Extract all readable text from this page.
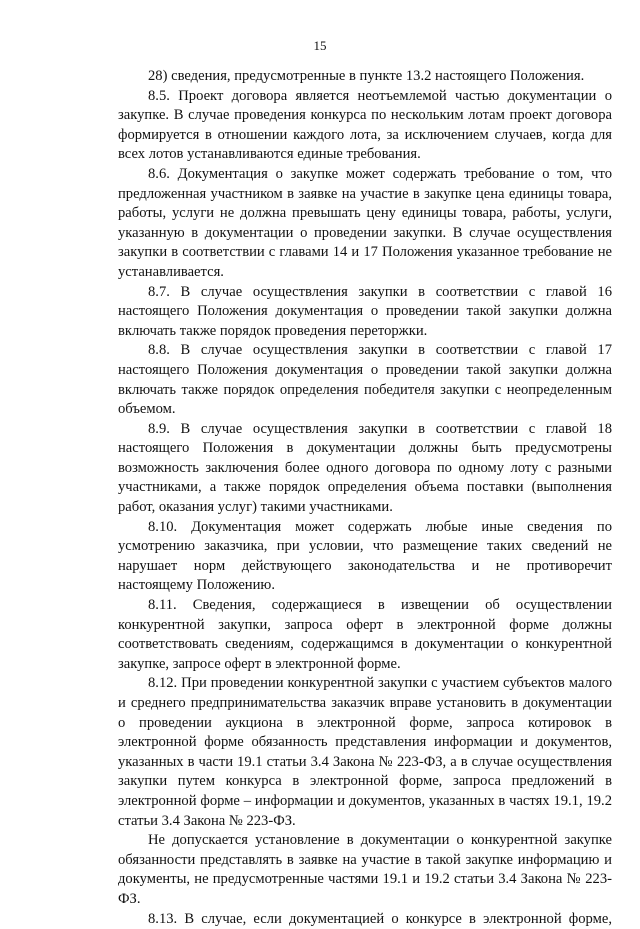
15

28) сведения, предусмотренные в пункте 13.2 настоящего Положения.

8.5. Проект договора является неотъемлемой частью документации о закупке. В случае проведения конкурса по нескольким лотам проект договора формируется в отношении каждого лота, за исключением случаев, когда для всех лотов устанавливаются единые требования.

8.6. Документация о закупке может содержать требование о том, что предложенная участником в заявке на участие в закупке цена единицы товара, работы, услуги не должна превышать цену единицы товара, работы, услуги, указанную в документации о проведении закупки. В случае осуществления закупки в соответствии с главами 14 и 17 Положения указанное требование не устанавливается.

8.7. В случае осуществления закупки в соответствии с главой 16 настоящего Положения документация о проведении такой закупки должна включать также порядок проведения переторжки.

8.8. В случае осуществления закупки в соответствии с главой 17 настоящего Положения документация о проведении такой закупки должна включать также порядок определения победителя закупки с неопределенным объемом.

8.9. В случае осуществления закупки в соответствии с главой 18 настоящего Положения в документации должны быть предусмотрены возможность заключения более одного договора по одному лоту с разными участниками, а также порядок определения объема поставки (выполнения работ, оказания услуг) такими участниками.

8.10. Документация может содержать любые иные сведения по усмотрению заказчика, при условии, что размещение таких сведений не нарушает норм действующего законодательства и не противоречит настоящему Положению.

8.11. Сведения, содержащиеся в извещении об осуществлении конкурентной закупки, запроса оферт в электронной форме должны соответствовать сведениям, содержащимся в документации о конкурентной закупке, запросе оферт в электронной форме.

8.12. При проведении конкурентной закупки с участием субъектов малого и среднего предпринимательства заказчик вправе установить в документации о проведении аукциона в электронной форме, запроса котировок в электронной форме обязанность представления информации и документов, указанных в части 19.1 статьи 3.4 Закона № 223-ФЗ, а в случае осуществления закупки путем конкурса в электронной форме, запроса предложений в электронной форме – информации и документов, указанных в частях 19.1, 19.2 статьи 3.4 Закона № 223-ФЗ.

Не допускается установление в документации о конкурентной закупке обязанности представлять в заявке на участие в такой закупке информацию и документы, не предусмотренные частями 19.1 и 19.2 статьи 3.4 Закона № 223-ФЗ.

8.13. В случае, если документацией о конкурсе в электронной форме,
